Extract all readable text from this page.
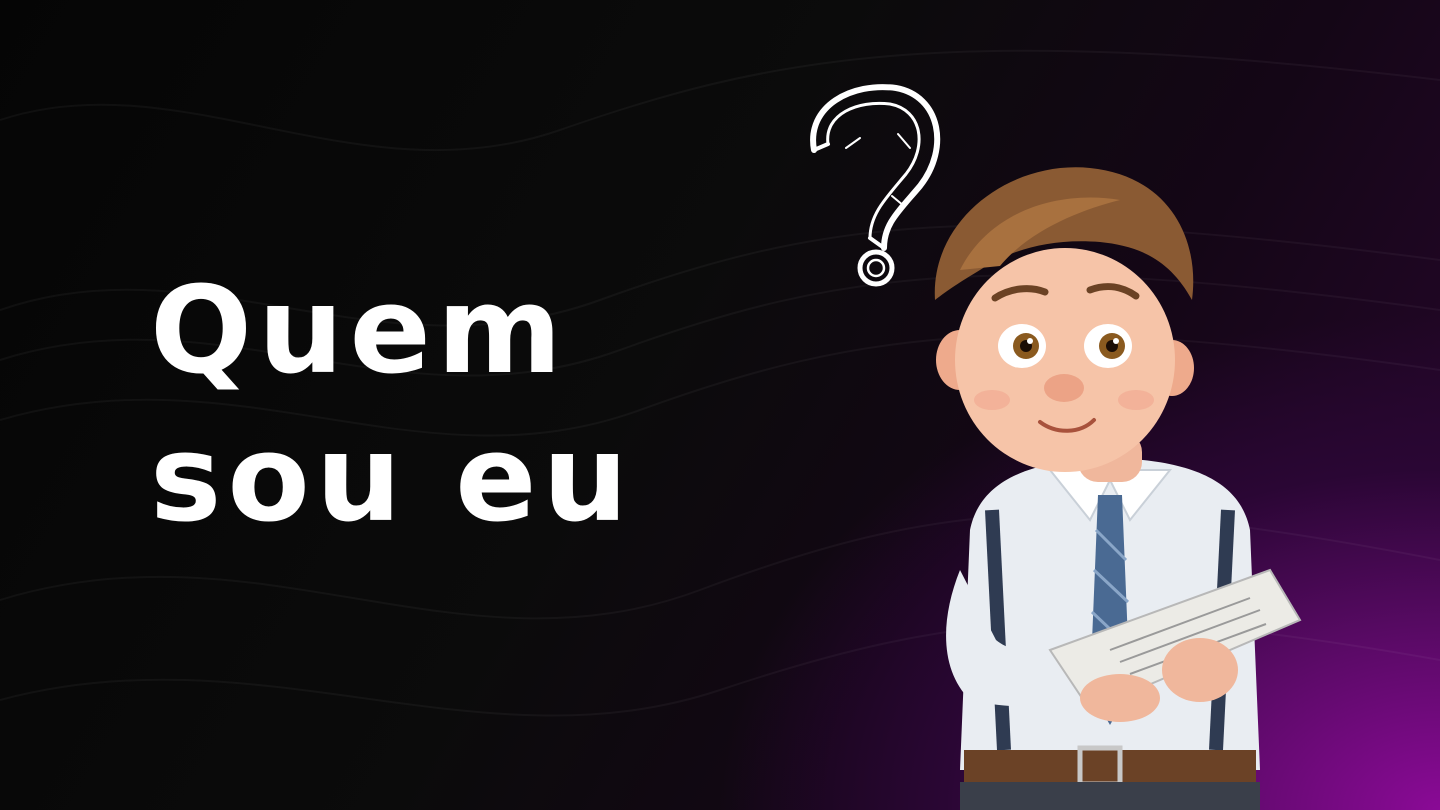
Quem
sou eu
